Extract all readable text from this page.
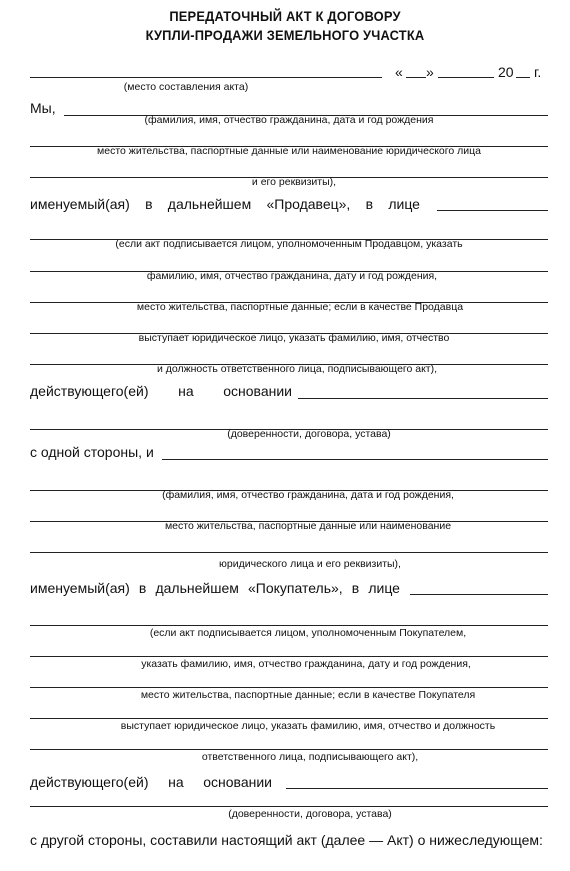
ПЕРЕДАТОЧНЫЙ АКТ К ДОГОВОРУ
КУПЛИ-ПРОДАЖИ ЗЕМЕЛЬНОГО УЧАСТКА
« »	20 г.
(место составления акта)
Мы,
(фамилия, имя, отчество гражданина, дата и год рождения
место жительства, паспортные данные или наименование юридического лица
и его реквизиты),
именуемый(ая) в дальнейшем «Продавец», в лице
(если акт подписывается лицом, уполномоченным Продавцом, указать
фамилию, имя, отчество гражданина, дату и год рождения,
место жительства, паспортные данные; если в качестве Продавца
выступает юридическое лицо, указать фамилию, имя, отчество
и должность ответственного лица, подписывающего акт),
действующего(ей) на основании
(доверенности, договора, устава)
с одной стороны, и
(фамилия, имя, отчество гражданина, дата и год рождения,
место жительства, паспортные данные или наименование
юридического лица и его реквизиты),
именуемый(ая) в дальнейшем «Покупатель», в лице
(если акт подписывается лицом, уполномоченным Покупателем,
указать фамилию, имя, отчество гражданина, дату и год рождения,
место жительства, паспортные данные; если в качестве Покупателя
выступает юридическое лицо, указать фамилию, имя, отчество и должность
ответственного лица, подписывающего акт),
действующего(ей) на основании
(доверенности, договора, устава)
с другой стороны, составили настоящий акт (далее — Акт) о нижеследующем:
